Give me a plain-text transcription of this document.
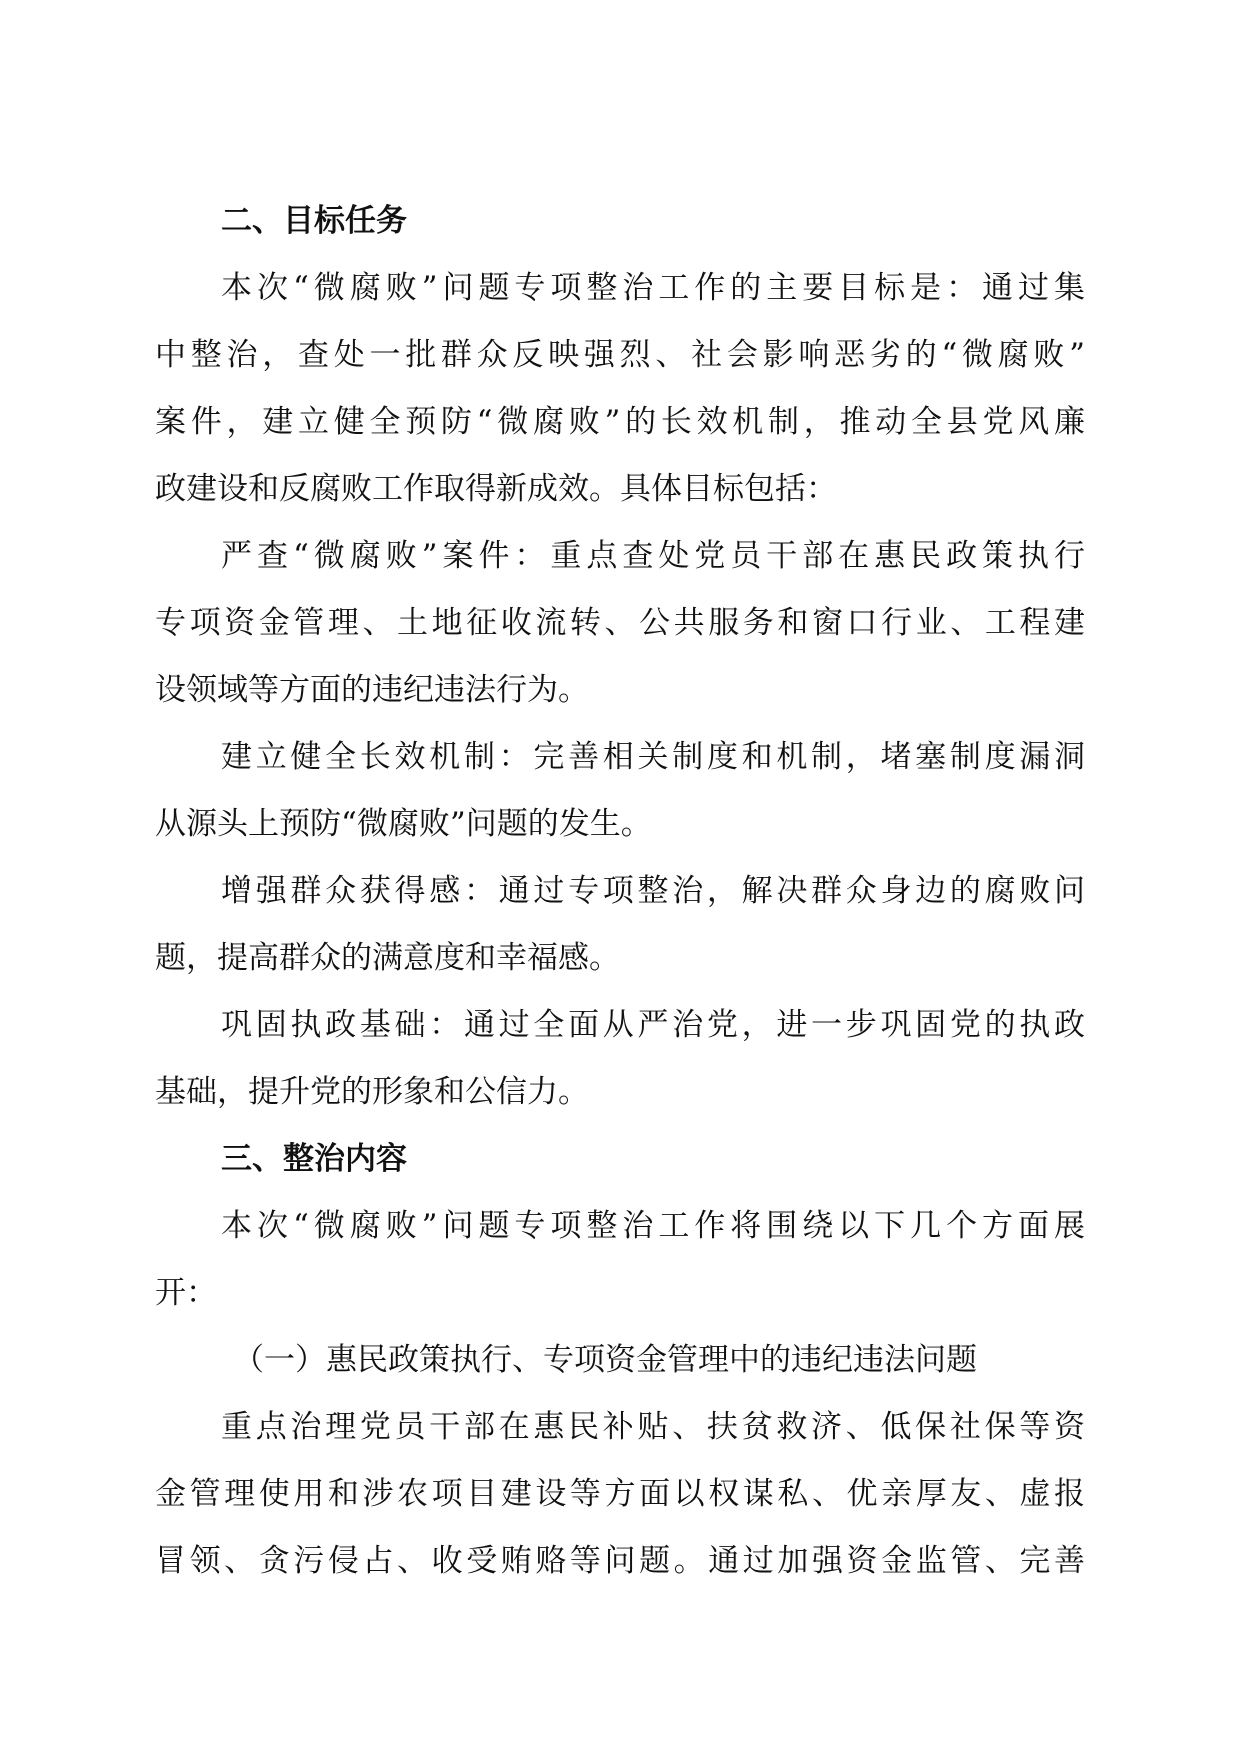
二、目标任务
本次“微腐败”问题专项整治工作的主要目标是：通过集
中整治，查处一批群众反映强烈、社会影响恶劣的“微腐败”
案件，建立健全预防“微腐败”的长效机制，推动全县党风廉
政建设和反腐败工作取得新成效。具体目标包括：
严查“微腐败”案件：重点查处党员干部在惠民政策执行
专项资金管理、土地征收流转、公共服务和窗口行业、工程建
设领域等方面的违纪违法行为。
建立健全长效机制：完善相关制度和机制，堵塞制度漏洞
从源头上预防“微腐败”问题的发生。
增强群众获得感：通过专项整治，解决群众身边的腐败问
题，提高群众的满意度和幸福感。
巩固执政基础：通过全面从严治党，进一步巩固党的执政
基础，提升党的形象和公信力。
三、整治内容
本次“微腐败”问题专项整治工作将围绕以下几个方面展
开：
（一）惠民政策执行、专项资金管理中的违纪违法问题
重点治理党员干部在惠民补贴、扶贫救济、低保社保等资
金管理使用和涉农项目建设等方面以权谋私、优亲厚友、虚报
冒领、贪污侵占、收受贿赂等问题。通过加强资金监管、完善
